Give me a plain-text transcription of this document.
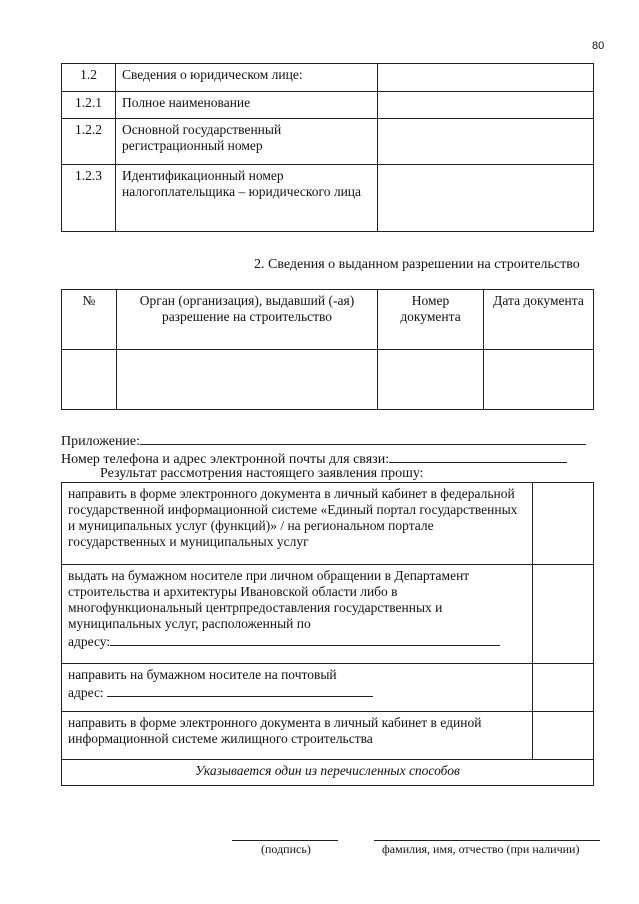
80
1.2	Сведения о юридическом лице:	
1.2.1	Полное наименование	
1.2.2	Основной государственный регистрационный номер	
1.2.3	Идентификационный номер налогоплательщика – юридического лица	
2. Сведения о выданном разрешении на строительство
№	Орган (организация), выдавший (-ая) разрешение на строительство	Номер документа	Дата документа

Приложение:
Номер телефона и адрес электронной почты для связи:
Результат рассмотрения настоящего заявления прошу:
направить в форме электронного документа в личный кабинет в федеральной государственной информационной системе «Единый портал государственных и муниципальных услуг (функций)» / на региональном портале государственных и муниципальных услуг	
выдать на бумажном носителе при личном обращении в Департамент строительства и архитектуры Ивановской области либо в многофункциональный центрпредоставления государственных и муниципальных услуг, расположенный по
адресу:	

направить на бумажном носителе на почтовый
адрес:	

направить в форме электронного документа в личный кабинет в единой информационной системе жилищного строительства	
Указывается один из перечисленных способов	
(подпись)	фамилия, имя, отчество (при наличии)
